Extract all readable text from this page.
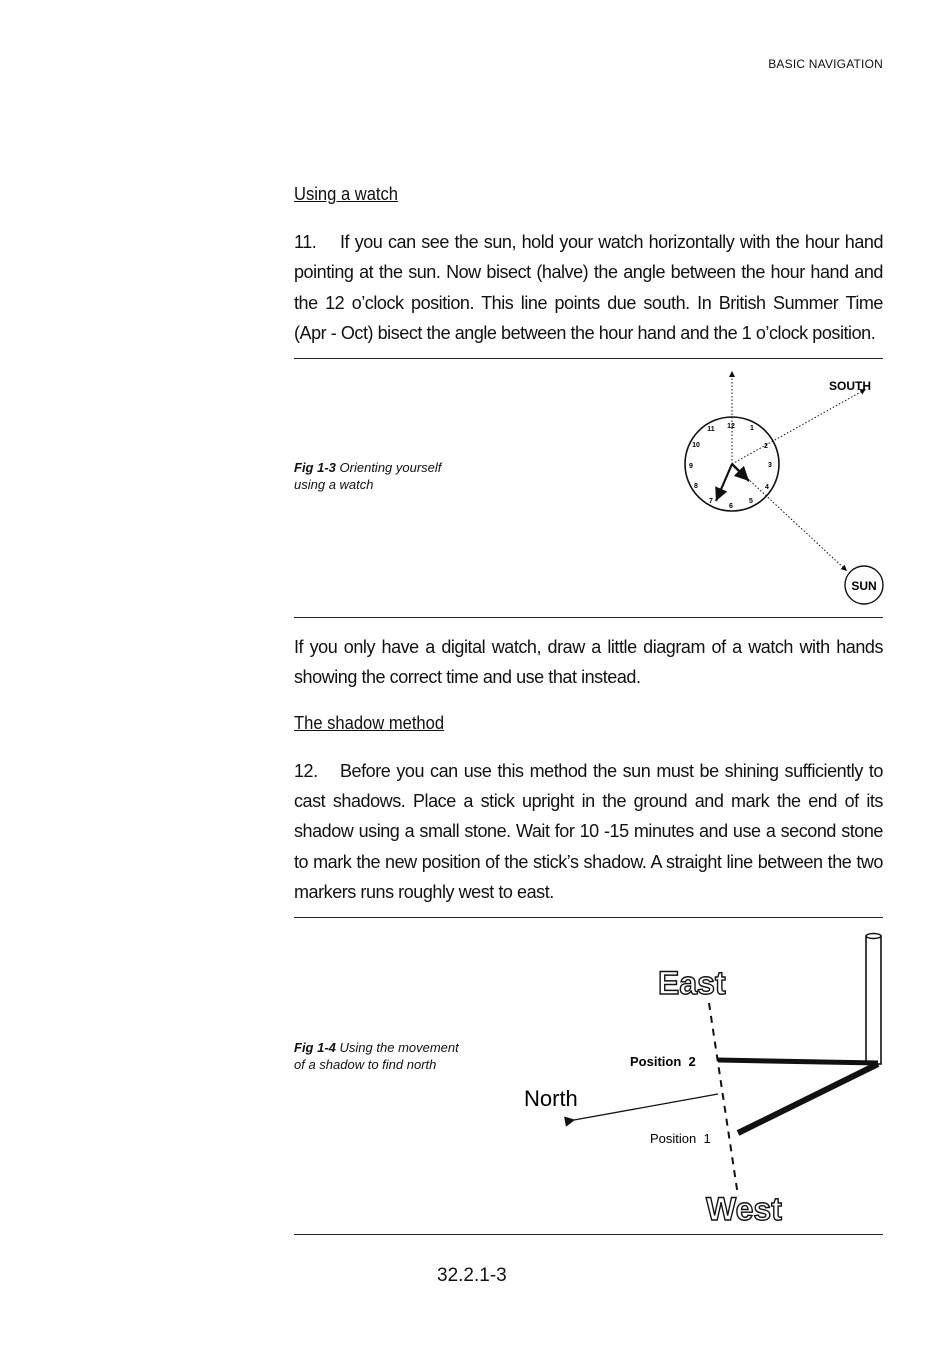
BASIC NAVIGATION
Using a watch

11. If you can see the sun, hold your watch horizontally with the hour hand pointing at the sun. Now bisect (halve) the angle between the hour hand and the 12 o’clock position. This line points due south. In British Summer Time (Apr - Oct) bisect the angle between the hour hand and the 1 o’clock position.

Fig 1-3 Orienting yourself using a watch
12 1
2
3
4
5
6
7
8
9
10
11
SOUTH
SUN

If you only have a digital watch, draw a little diagram of a watch with hands showing the correct time and use that instead.

The shadow method

12. Before you can use this method the sun must be shining sufficiently to cast shadows. Place a stick upright in the ground and mark the end of its shadow using a small stone. Wait for 10 -15 minutes and use a second stone to mark the new position of the stick’s shadow. A straight line between the two markers runs roughly west to east.

Fig 1-4 Using the movement of a shadow to find north
East
West
North
Position  2
Position  1
32.2.1-3
